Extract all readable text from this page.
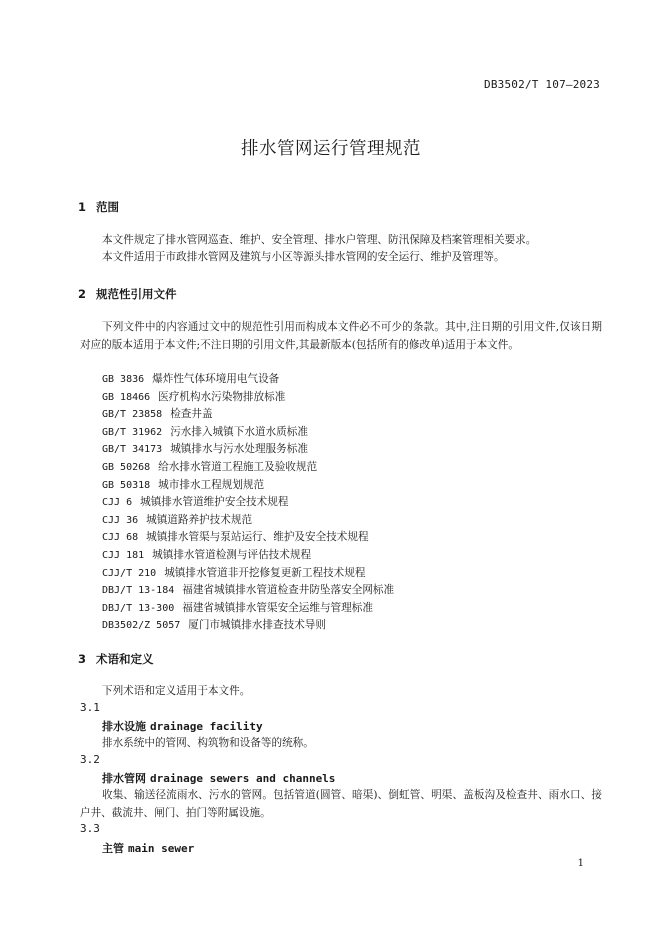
DB3502/T 107—2023
排水管网运行管理规范
1 范围
本文件规定了排水管网巡查、维护、安全管理、排水户管理、防汛保障及档案管理相关要求。
本文件适用于市政排水管网及建筑与小区等源头排水管网的安全运行、维护及管理等。
2 规范性引用文件
下列文件中的内容通过文中的规范性引用而构成本文件必不可少的条款。其中,注日期的引用文件,仅该日期对应的版本适用于本文件;不注日期的引用文件,其最新版本(包括所有的修改单)适用于本文件。
GB 3836 爆炸性气体环境用电气设备
GB 18466 医疗机构水污染物排放标准
GB/T 23858 检查井盖
GB/T 31962 污水排入城镇下水道水质标准
GB/T 34173 城镇排水与污水处理服务标准
GB 50268 给水排水管道工程施工及验收规范
GB 50318 城市排水工程规划规范
CJJ 6 城镇排水管道维护安全技术规程
CJJ 36 城镇道路养护技术规范
CJJ 68 城镇排水管渠与泵站运行、维护及安全技术规程
CJJ 181 城镇排水管道检测与评估技术规程
CJJ/T 210 城镇排水管道非开挖修复更新工程技术规程
DBJ/T 13-184 福建省城镇排水管道检查井防坠落安全网标准
DBJ/T 13-300 福建省城镇排水管渠安全运维与管理标准
DB3502/Z 5057 厦门市城镇排水排查技术导则
3 术语和定义
下列术语和定义适用于本文件。
3.1
排水设施 drainage facility
排水系统中的管网、构筑物和设备等的统称。
3.2
排水管网 drainage sewers and channels
收集、输送径流雨水、污水的管网。包括管道(圆管、暗渠)、倒虹管、明渠、盖板沟及检查井、雨水口、接户井、截流井、闸门、拍门等附属设施。
3.3
主管 main sewer
1
